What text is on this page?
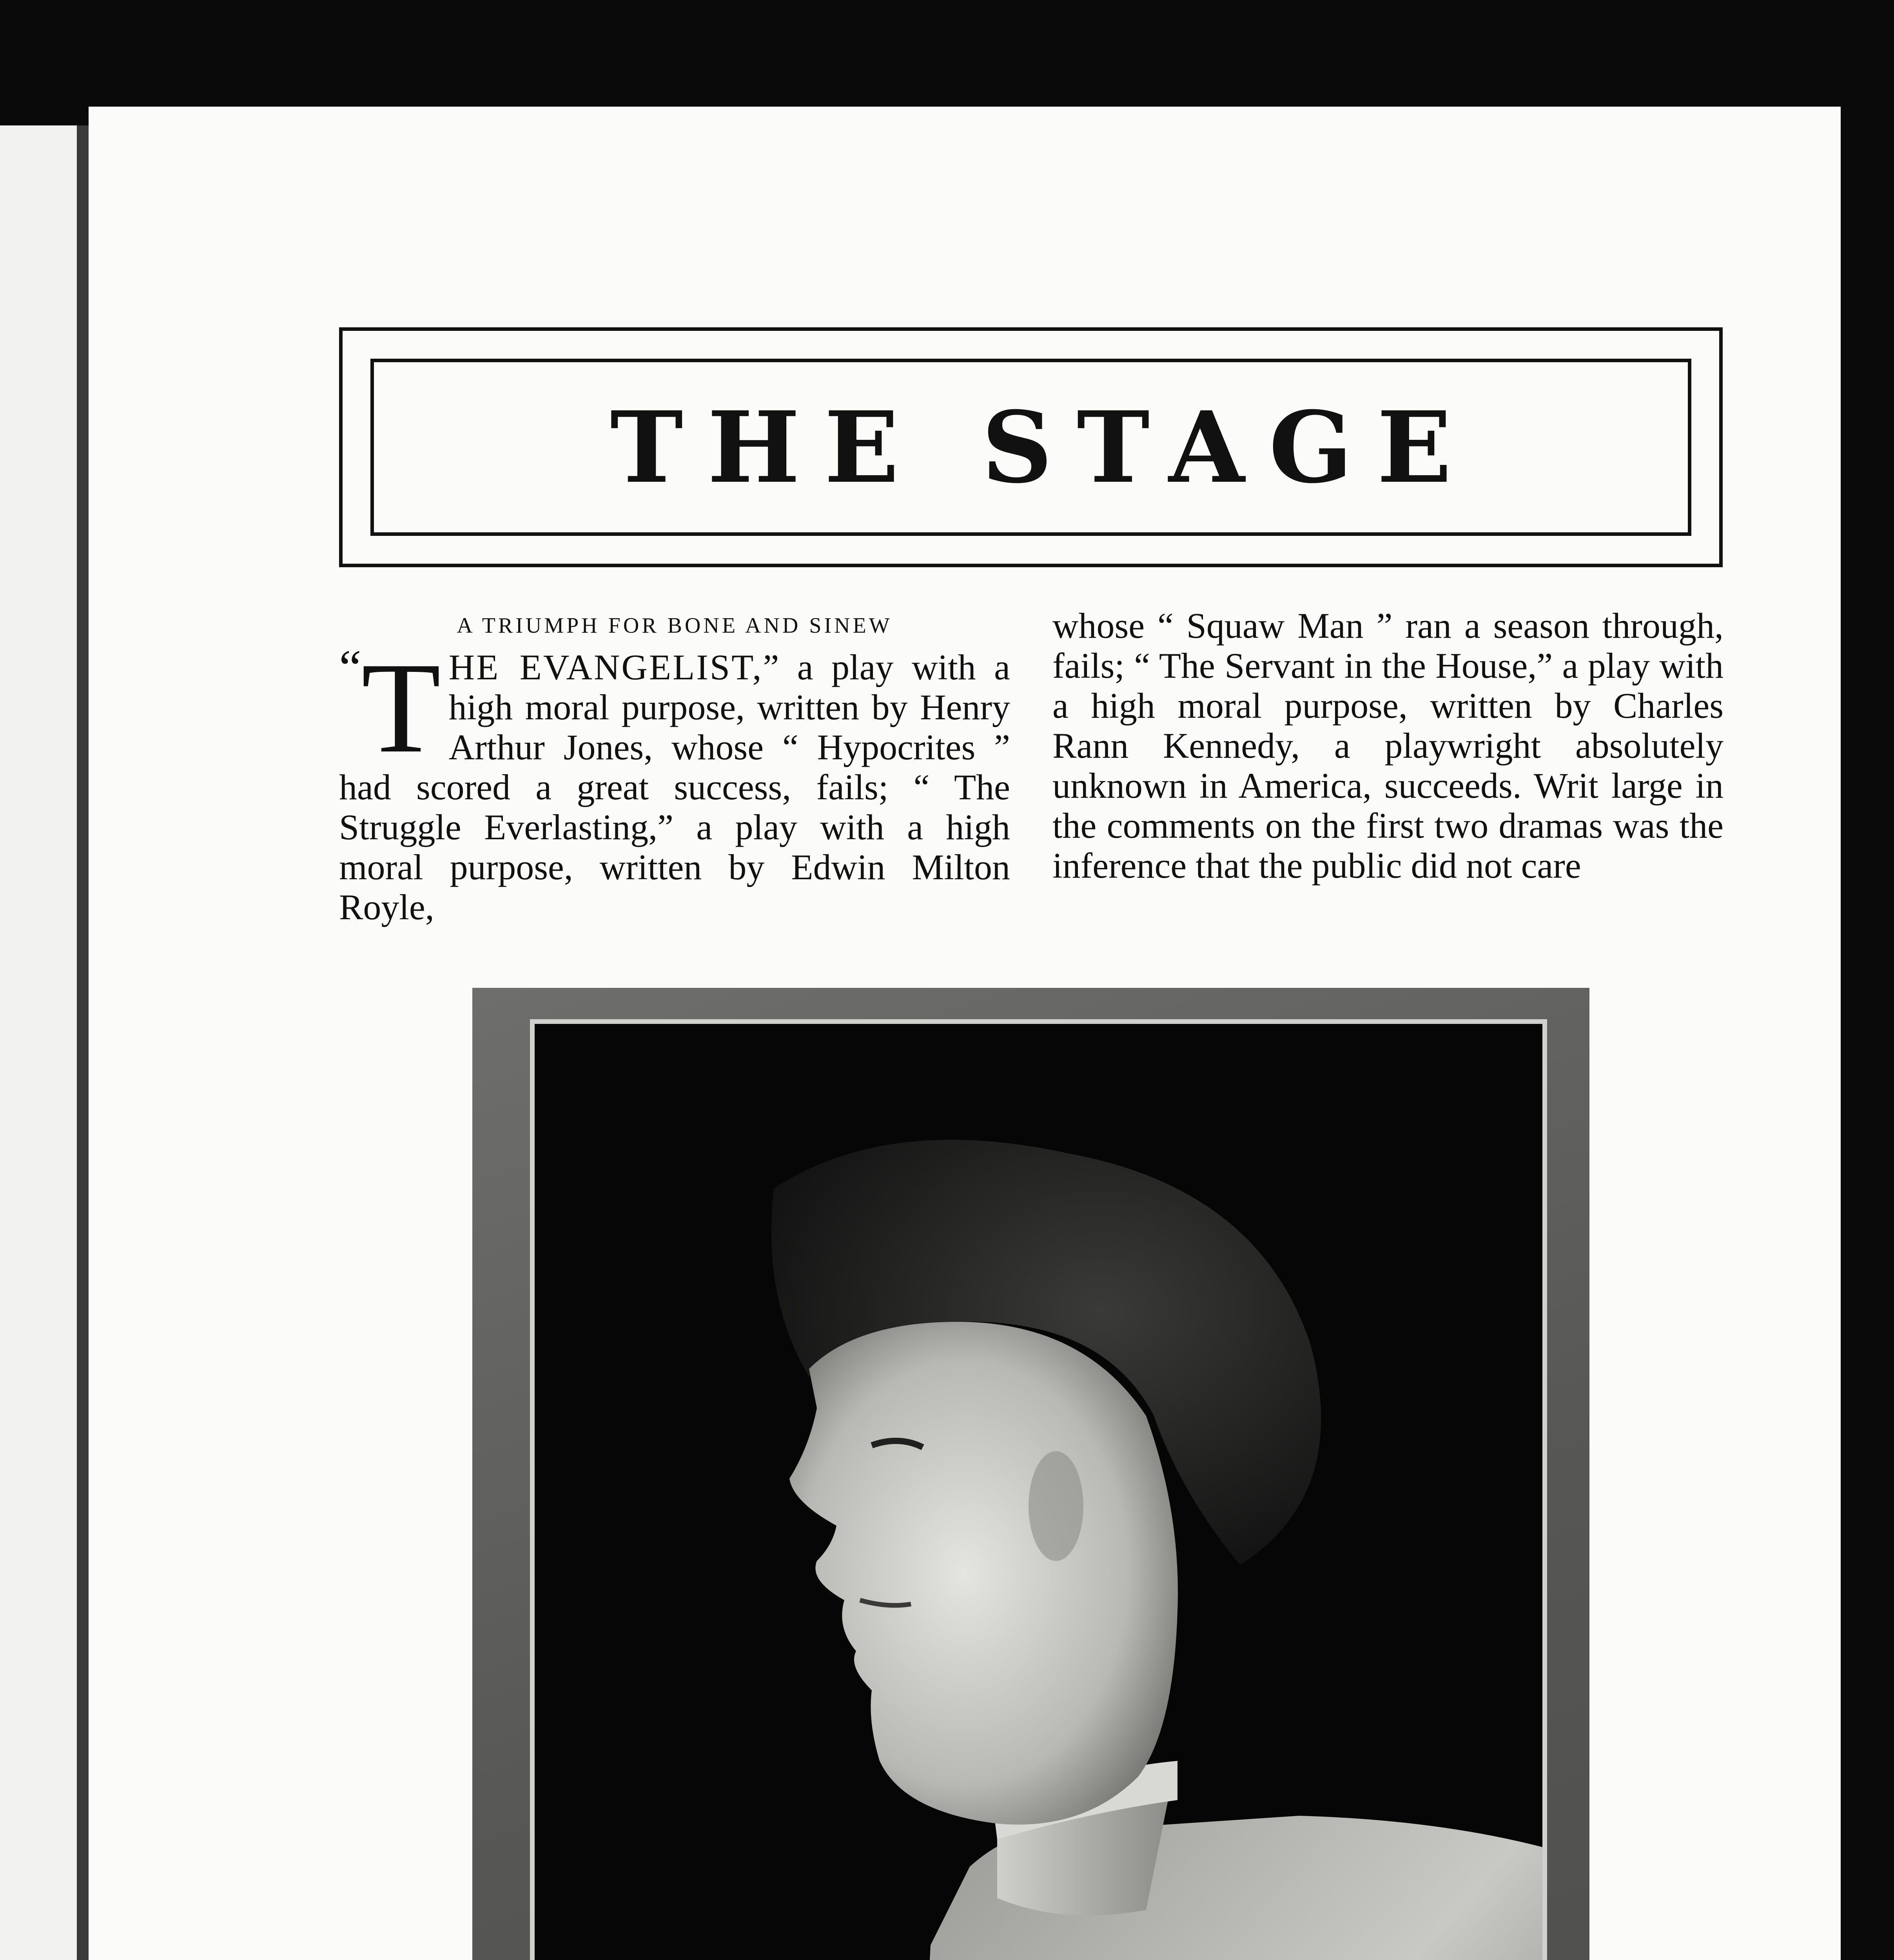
THE STAGE

A TRIUMPH FOR BONE AND SINEW

“ T HE EVANGELIST,” a play with a high moral purpose, written by Henry Arthur Jones, whose “ Hypocrites ” had scored a great success, fails; “ The Struggle Everlasting,” a play with a high moral purpose, written by Edwin Milton Royle,

whose “ Squaw Man ” ran a season through, fails; “ The Servant in the House,” a play with a high moral purpose, written by Charles Rann Kennedy, a playwright absolutely unknown in America, succeeds. Writ large in the comments on the first two dramas was the inference that the public did not care
